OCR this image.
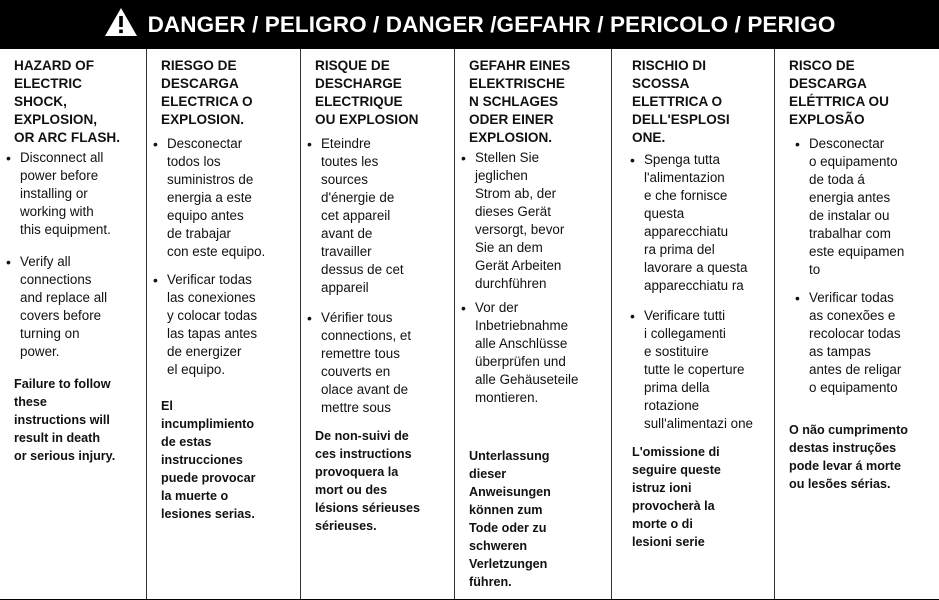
DANGER / PELIGRO / DANGER /GEFAHR / PERICOLO / PERIGO
HAZARD OF
ELECTRIC
SHOCK,
EXPLOSION,
OR ARC FLASH.
• Disconnect all
power before
installing or
working with
this equipment.
• Verify all
connections
and replace all
covers before
turning on
power.
Failure to follow
these
instructions will
result in death
or serious injury.
RIESGO DE
DESCARGA
ELECTRICA O
EXPLOSION.
• Desconectar
todos los
suministros de
energia a este
equipo antes
de trabajar
con este equipo.
• Verificar todas
las conexiones
y colocar todas
las tapas antes
de energizer
el equipo.
El
incumplimiento
de estas
instrucciones
puede provocar
la muerte o
lesiones serias.
RISQUE DE
DESCHARGE
ELECTRIQUE
OU EXPLOSION
• Eteindre
toutes les
sources
d'énergie de
cet appareil
avant de
travailler
dessus de cet
appareil
• Vérifier tous
connections, et
remettre tous
couverts en
olace avant de
mettre sous
De non-suivi de
ces instructions
provoquera la
mort ou des
lésions sérieuses
sérieuses.
GEFAHR EINES
ELEKTRISCHE
N SCHLAGES
ODER EINER
EXPLOSION.
• Stellen Sie
jeglichen
Strom ab, der
dieses Gerät
versorgt, bevor
Sie an dem
Gerät Arbeiten
durchführen
• Vor der
Inbetriebnahme
alle Anschlüsse
überprüfen und
alle Gehäuseteile
montieren.
Unterlassung
dieser
Anweisungen
können zum
Tode oder zu
schweren
Verletzungen
führen.
RISCHIO DI
SCOSSA
ELETTRICA O
DELL'ESPLOSI
ONE.
• Spenga tutta
l'alimentazion
e che fornisce
questa
apparecchiatu
ra prima del
lavorare a questa
apparecchiatu ra
• Verificare tutti
i collegamenti
e sostituire
tutte le coperture
prima della
rotazione
sull'alimentazi one
L'omissione di
seguire queste
istruz ioni
provocherà la
morte o di
lesioni serie
RISCO DE
DESCARGA
ELÉTTRICA OU
EXPLOSÃO
• Desconectar
o equipamento
de toda á
energia antes
de instalar ou
trabalhar com
este equipamen
to
• Verificar todas
as conexões e
recolocar todas
as tampas
antes de religar
o equipamento
O não cumprimento
destas instruções
pode levar á morte
ou lesões sérias.
